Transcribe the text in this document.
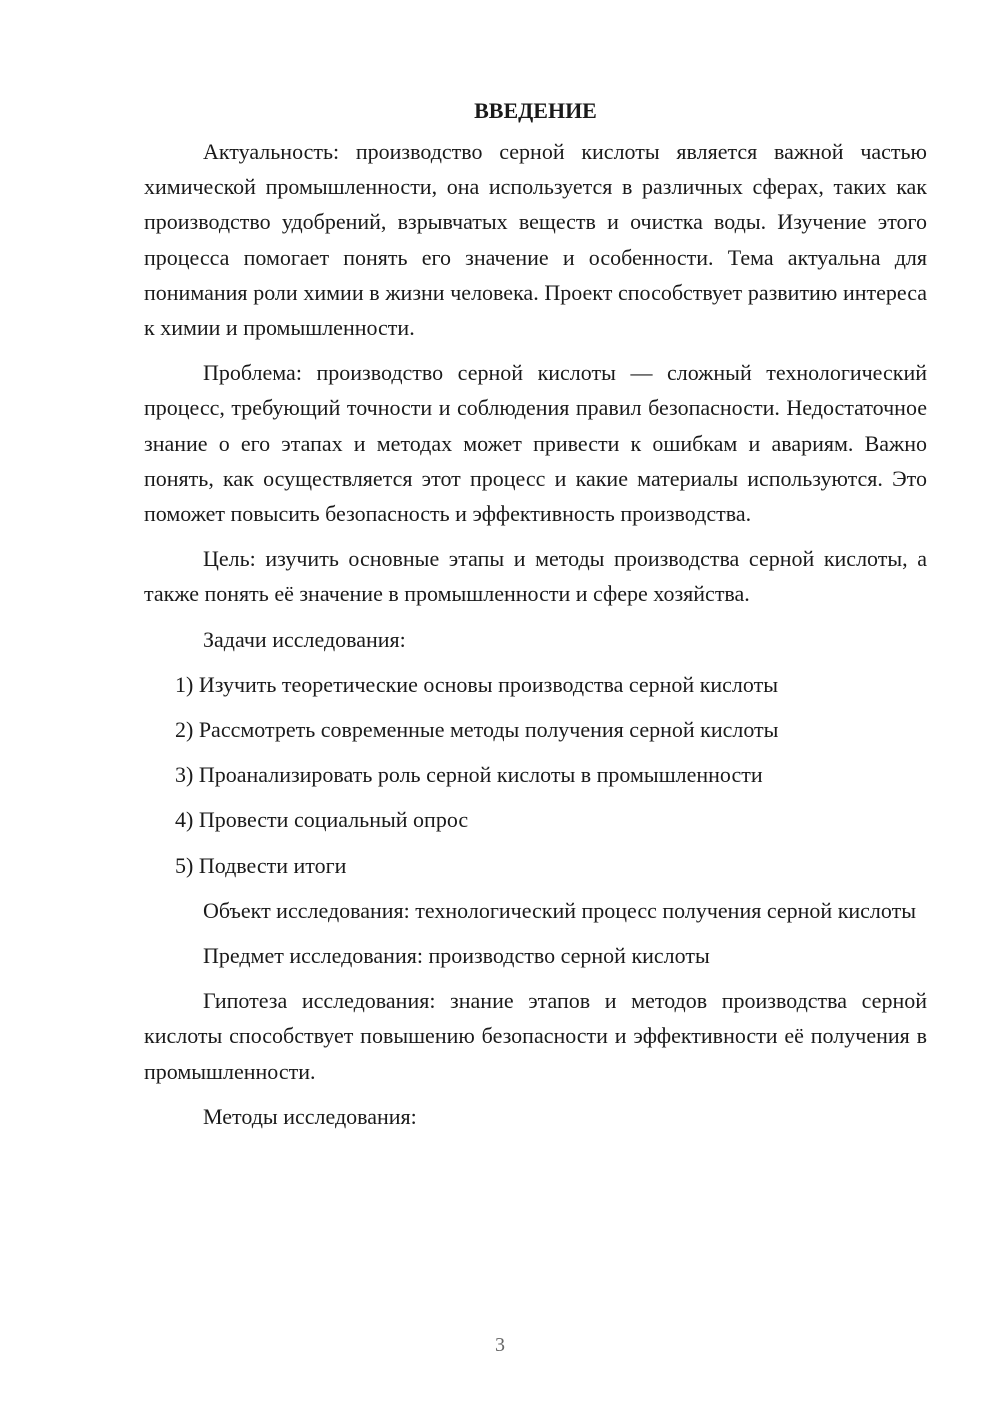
ВВЕДЕНИЕ

Актуальность: производство серной кислоты является важной частью химической промышленности, она используется в различных сферах, таких как производство удобрений, взрывчатых веществ и очистка воды. Изучение этого процесса помогает понять его значение и особенности. Тема актуальна для понимания роли химии в жизни человека. Проект способствует развитию интереса к химии и промышленности.

Проблема: производство серной кислоты — сложный технологический процесс, требующий точности и соблюдения правил безопасности. Недостаточное знание о его этапах и методах может привести к ошибкам и авариям. Важно понять, как осуществляется этот процесс и какие материалы используются. Это поможет повысить безопасность и эффективность производства.

Цель: изучить основные этапы и методы производства серной кислоты, а также понять её значение в промышленности и сфере хозяйства.

Задачи исследования:

1) Изучить теоретические основы производства серной кислоты
2) Рассмотреть современные методы получения серной кислоты
3) Проанализировать роль серной кислоты в промышленности
4) Провести социальный опрос
5) Подвести итоги

Объект исследования: технологический процесс получения серной кислоты

Предмет исследования: производство серной кислоты

Гипотеза исследования: знание этапов и методов производства серной кислоты способствует повышению безопасности и эффективности её получения в промышленности.

Методы исследования:

3
